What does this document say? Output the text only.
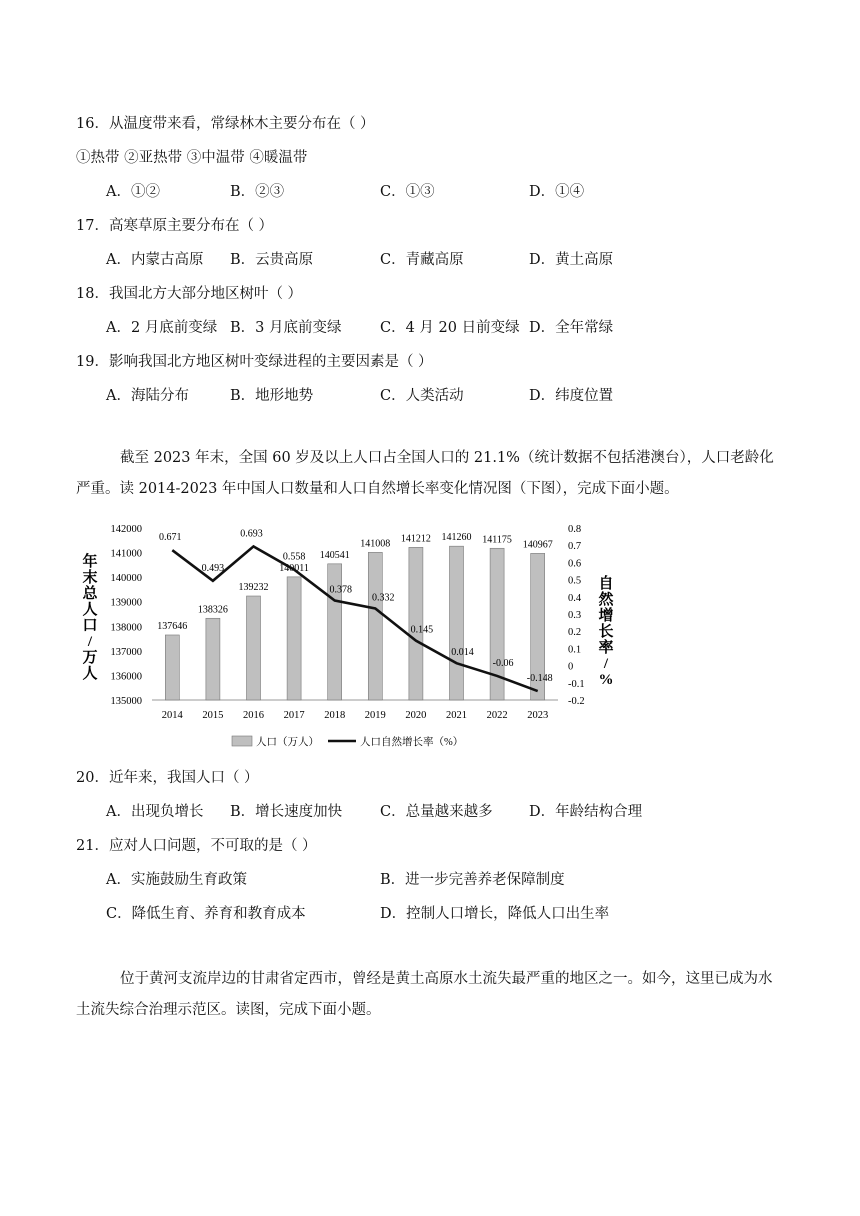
16．从温度带来看，常绿林木主要分布在（ ）
①热带 ②亚热带 ③中温带 ④暖温带
A．①②	B．②③	C．①③	D．①④
17．高寒草原主要分布在（ ）
A．内蒙古高原 B．云贵高原	C．青藏高原	D．黄土高原
18．我国北方大部分地区树叶（ ）
A．2 月底前变绿 B．3 月底前变绿	C．4 月 20 日前变绿 D．全年常绿
19．影响我国北方地区树叶变绿进程的主要因素是（ ）
A．海陆分布	B．地形地势	C．人类活动	D．纬度位置
截至 2023 年末，全国 60 岁及以上人口占全国人口的 21.1%（统计数据不包括港澳台），人口老龄化严重。读 2014-2023 年中国人口数量和人口自然增长率变化情况图（下图），完成下面小题。
年
末
总
人
口
/
万
人
142000
141000
140000
139000
138000
137000
136000
135000
0.8
0.7
0.6
0.5
0.4
0.3
0.2
0.1
0
-0.1
-0.2
自
然
增
长
率
/
%
137646
138326
139232
140011
140541
141008 141212 141260 141175 140967
0.671
0.493
0.693
0.558
0.378
0.332
0.145
0.014
-0.06
-0.148
2014 2015 2016 2017 2018 2019 2020 2021 2022 2023
人口（万人）	人口自然增长率（%）
20．近年来，我国人口（ ）
A．出现负增长 B．增长速度加快	C．总量越来越多	D．年龄结构合理
21．应对人口问题，不可取的是（ ）
A．实施鼓励生育政策	B．进一步完善养老保障制度
C．降低生育、养育和教育成本	D．控制人口增长，降低人口出生率
位于黄河支流岸边的甘肃省定西市，曾经是黄土高原水土流失最严重的地区之一。如今，这里已成为水土流失综合治理示范区。读图，完成下面小题。
